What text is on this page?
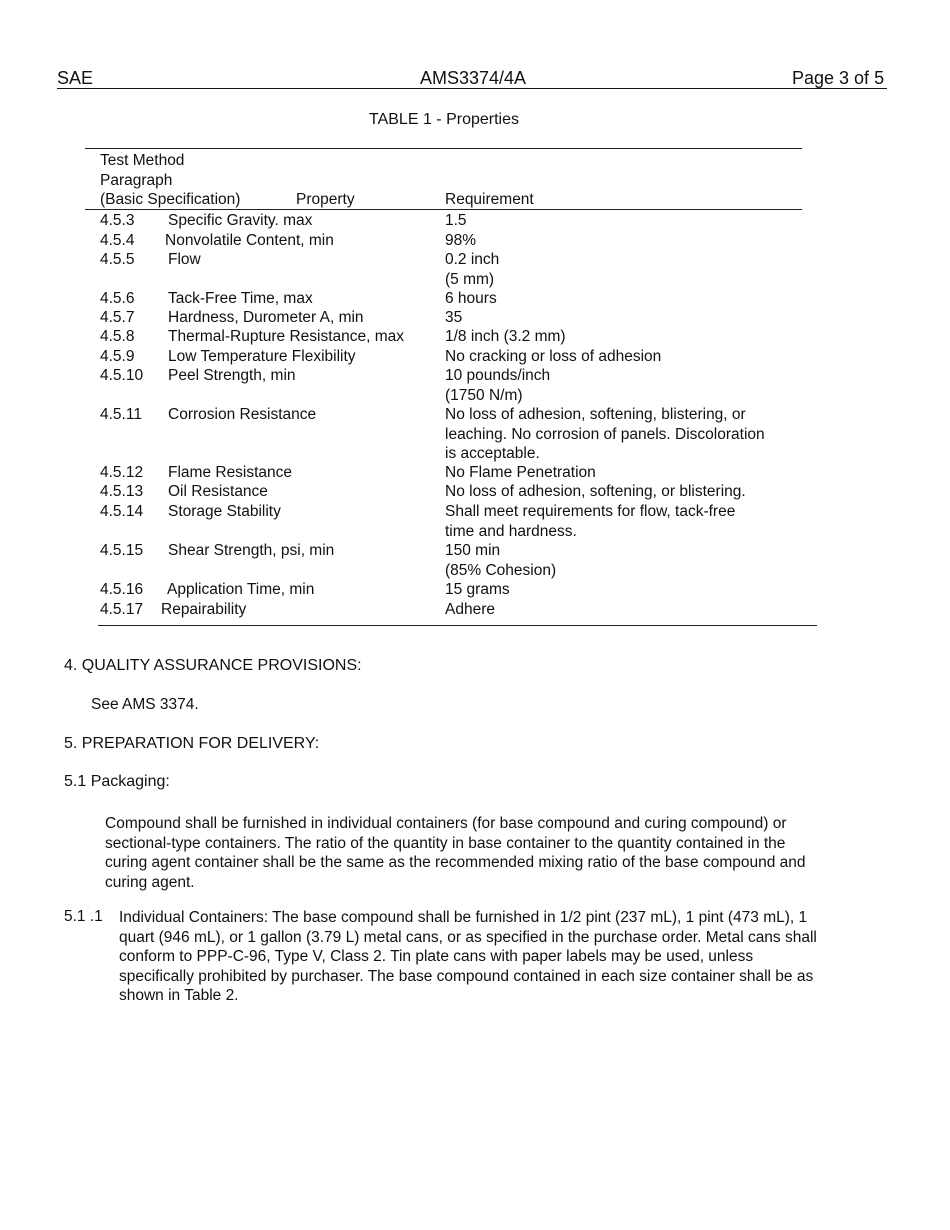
SAE	AMS3374/4A	Page 3 of 5
TABLE 1 - Properties
Test Method
Paragraph
(Basic Specification)	Property	Requirement
4.5.3 Specific Gravity. max	1.5
4.5.4 Nonvolatile Content, min	98%
4.5.5 Flow	0.2 inch
(5 mm)
4.5.6 Tack-Free Time, max	6 hours
4.5.7 Hardness, Durometer A, min	35
4.5.8 Thermal-Rupture Resistance, max	1/8 inch (3.2 mm)
4.5.9 Low Temperature Flexibility	No cracking or loss of adhesion
4.5.10 Peel Strength, min	10 pounds/inch
(1750 N/m)
4.5.11 Corrosion Resistance	No loss of adhesion, softening, blistering, or
leaching. No corrosion of panels. Discoloration
is acceptable.
4.5.12 Flame Resistance	No Flame Penetration
4.5.13 Oil Resistance	No loss of adhesion, softening, or blistering.
4.5.14 Storage Stability	Shall meet requirements for flow, tack-free
time and hardness.
4.5.15 Shear Strength, psi, min	150 min
(85% Cohesion)
4.5.16 Application Time, min	15 grams
4.5.17 Repairability	Adhere
4. QUALITY ASSURANCE PROVISIONS:
See AMS 3374.
5. PREPARATION FOR DELIVERY:
5.1 Packaging:
Compound shall be furnished in individual containers (for base compound and curing compound) or sectional-type containers. The ratio of the quantity in base container to the quantity contained in the curing agent container shall be the same as the recommended mixing ratio of the base compound and curing agent.
5.1 .1 Individual Containers: The base compound shall be furnished in 1/2 pint (237 mL), 1 pint (473 mL), 1 quart (946 mL), or 1 gallon (3.79 L) metal cans, or as specified in the purchase order. Metal cans shall conform to PPP-C-96, Type V, Class 2. Tin plate cans with paper labels may be used, unless specifically prohibited by purchaser. The base compound contained in each size container shall be as shown in Table 2.
